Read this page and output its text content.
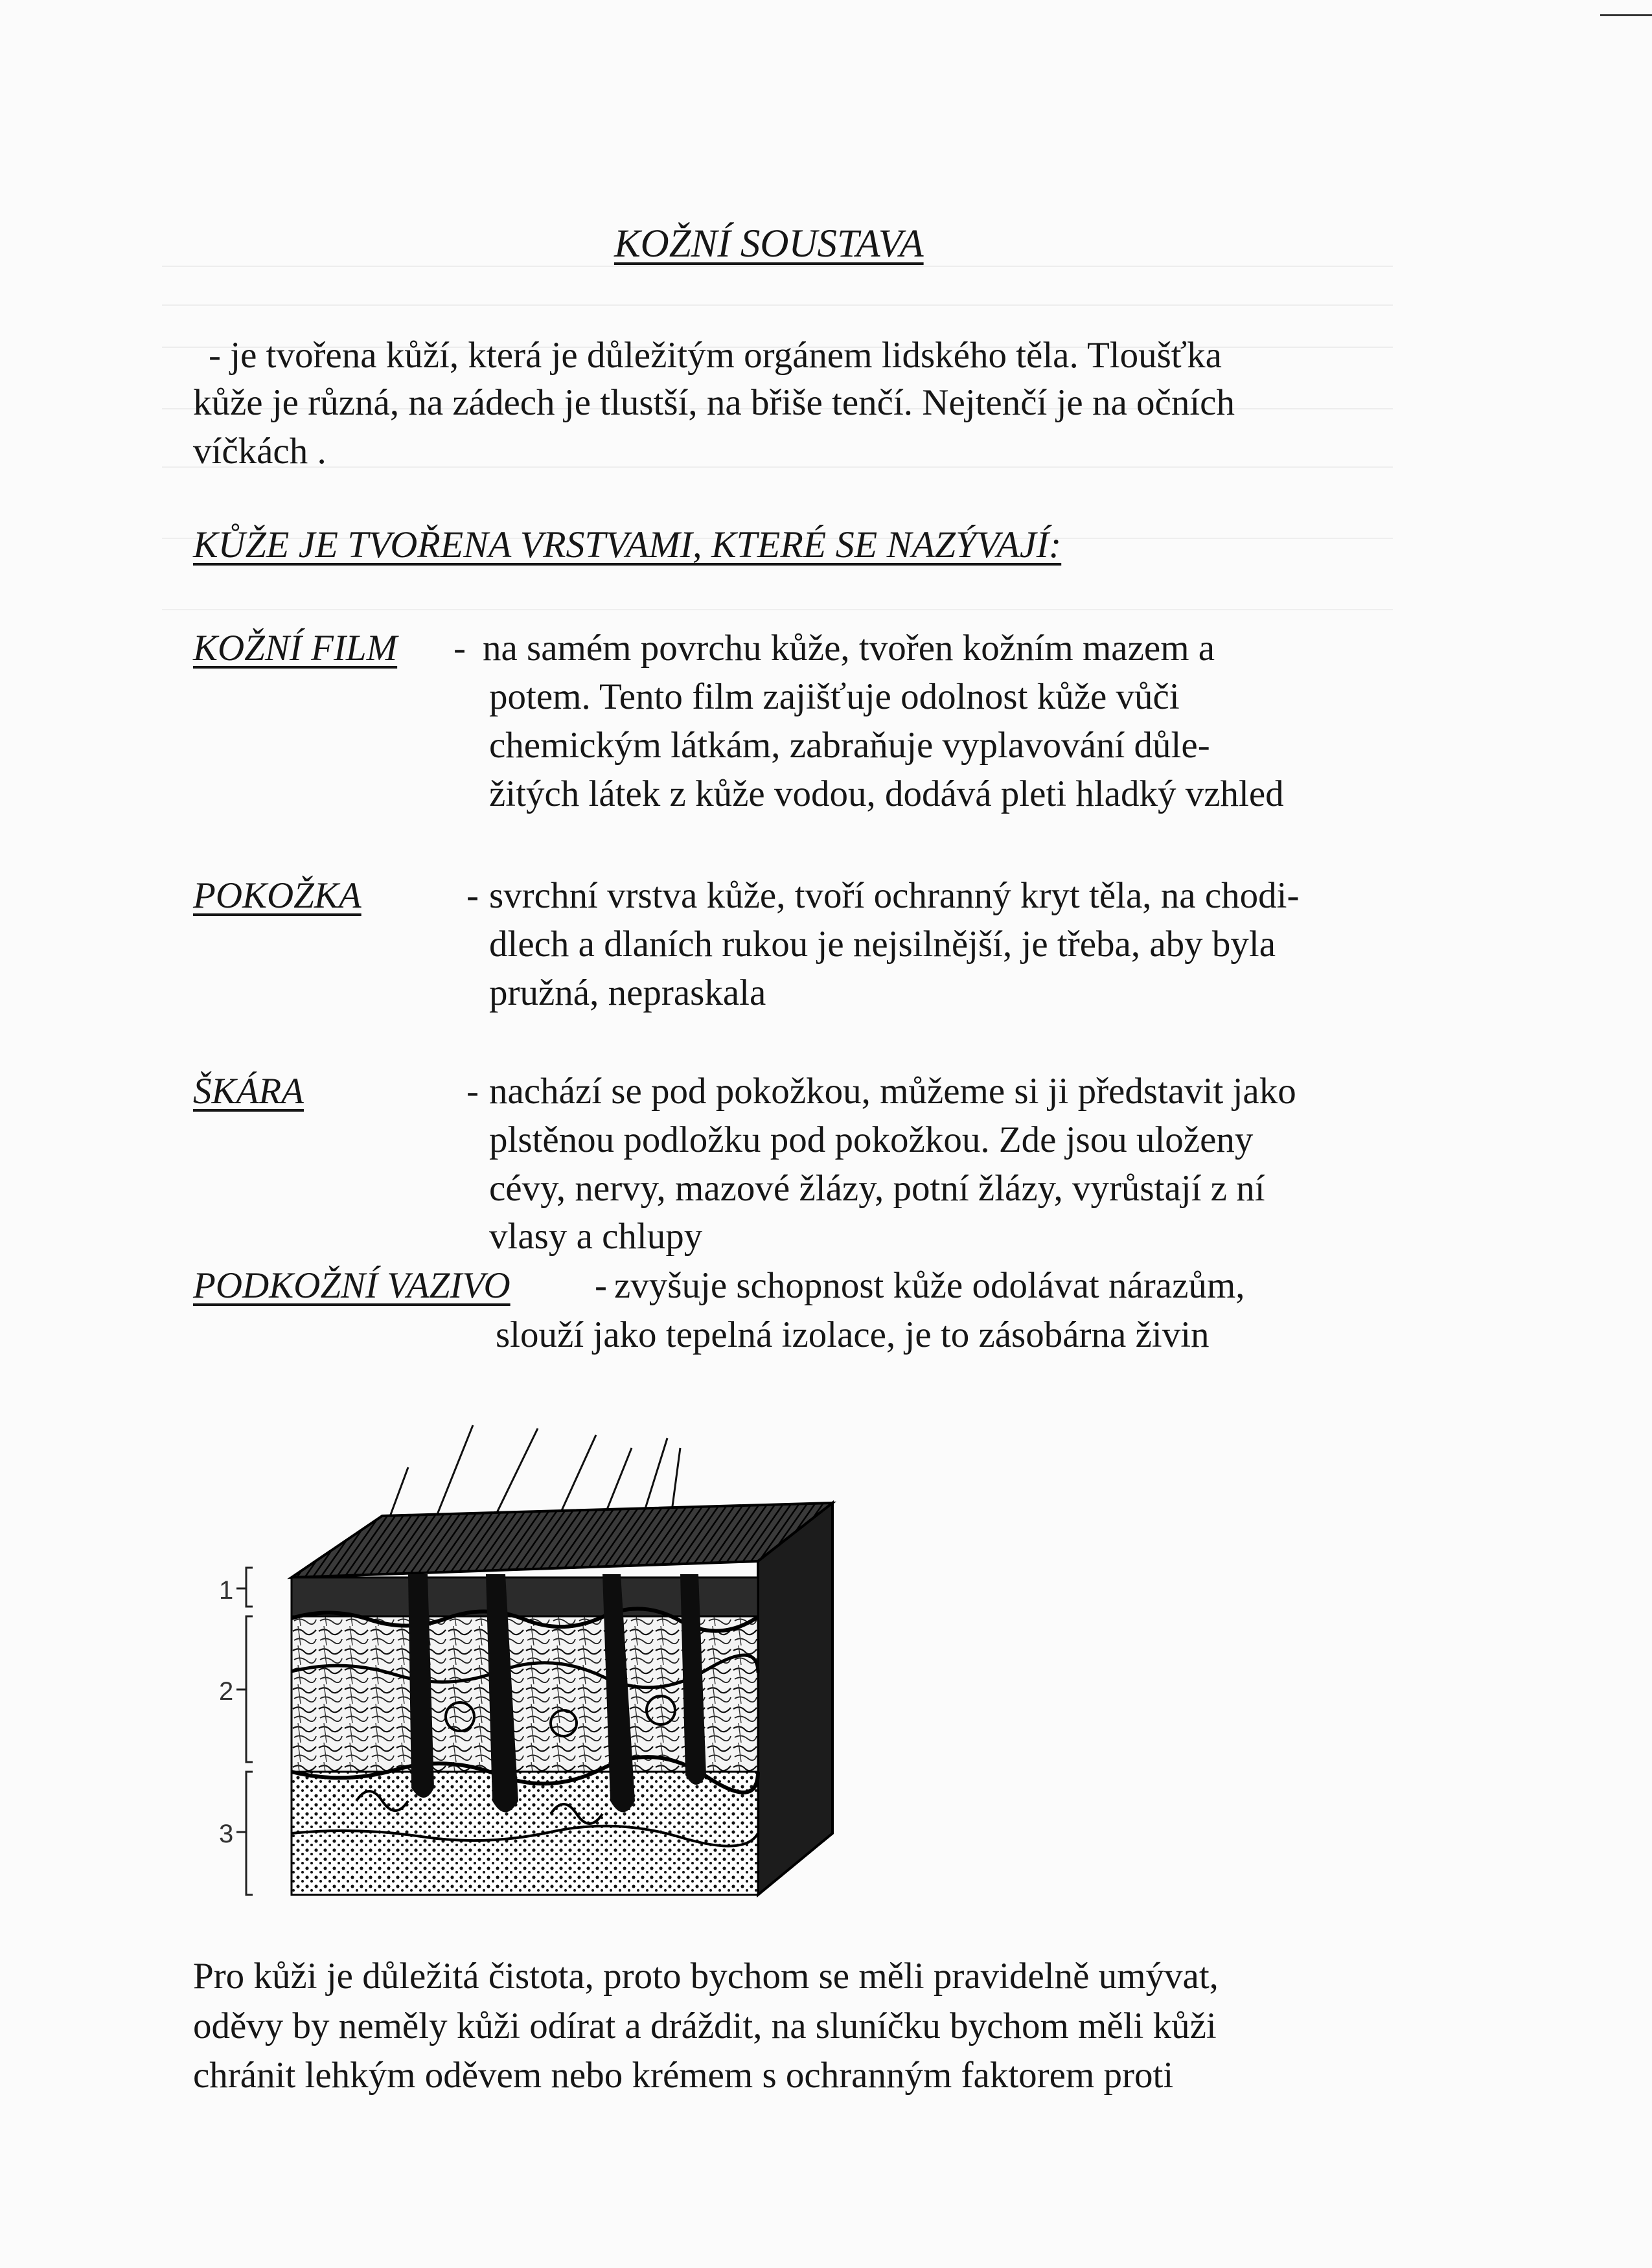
KOŽNÍ SOUSTAVA
- je tvořena kůží, která je důležitým orgánem lidského těla. Tloušťka
kůže je různá, na zádech je tlustší, na břiše tenčí. Nejtenčí je na očních
víčkách .
KŮŽE JE TVOŘENA VRSTVAMI, KTERÉ SE NAZÝVAJÍ:
KOŽNÍ FILM - na samém povrchu kůže, tvořen kožním mazem a
potem. Tento film zajišťuje odolnost kůže vůči
chemickým látkám, zabraňuje vyplavování důle-
žitých látek z kůže vodou, dodává pleti hladký vzhled
POKOŽKA	- svrchní vrstva kůže, tvoří ochranný kryt těla, na chodi-
dlech a dlaních rukou je nejsilnější, je třeba, aby byla
pružná, nepraskala
ŠKÁRA	- nachází se pod pokožkou, můžeme si ji představit jako
plstěnou podložku pod pokožkou. Zde jsou uloženy
cévy, nervy, mazové žlázy, potní žlázy, vyrůstají z ní
vlasy a chlupy
PODKOŽNÍ VAZIVO - zvyšuje schopnost kůže odolávat nárazům,
slouží jako tepelná izolace, je to zásobárna živin
1
2
3
Pro kůži je důležitá čistota, proto bychom se měli pravidelně umývat,
oděvy by neměly kůži odírat a dráždit, na sluníčku bychom měli kůži
chránit lehkým oděvem nebo krémem s ochranným faktorem proti
